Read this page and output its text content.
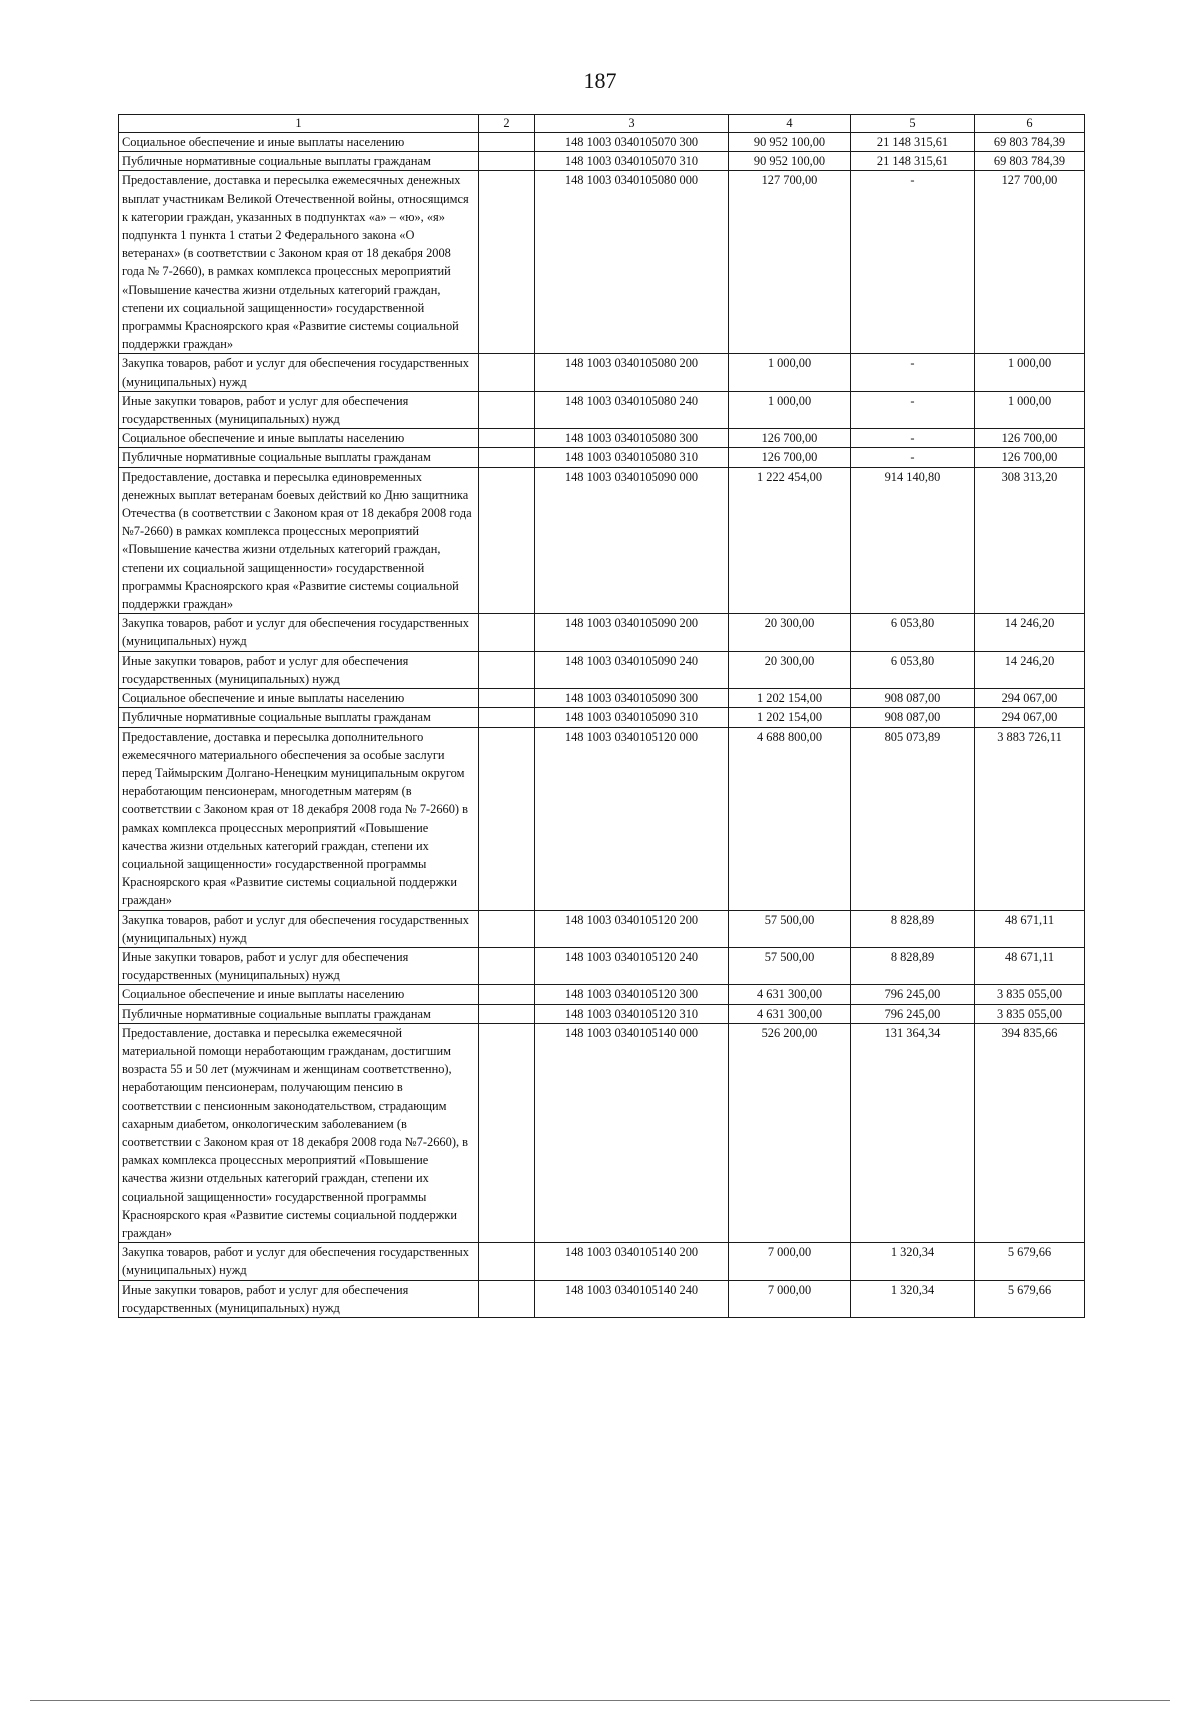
187
1	2	3	4	5	6
Социальное обеспечение и иные выплаты населению		148 1003 0340105070 300	90 952 100,00	21 148 315,61	69 803 784,39
Публичные нормативные социальные выплаты гражданам		148 1003 0340105070 310	90 952 100,00	21 148 315,61	69 803 784,39
Предоставление, доставка и пересылка ежемесячных денежных выплат участникам Великой Отечественной войны, относящимся к категории граждан, указанных в подпунктах «а» – «ю», «я» подпункта 1 пункта 1 статьи 2 Федерального закона «О ветеранах» (в соответствии с Законом края от 18 декабря 2008 года № 7-2660), в рамках комплекса процессных мероприятий «Повышение качества жизни отдельных категорий граждан, степени их социальной защищенности» государственной программы Красноярского края «Развитие системы социальной поддержки граждан»		148 1003 0340105080 000	127 700,00	-	127 700,00
Закупка товаров, работ и услуг для обеспечения государственных (муниципальных) нужд		148 1003 0340105080 200	1 000,00	-	1 000,00
Иные закупки товаров, работ и услуг для обеспечения государственных (муниципальных) нужд		148 1003 0340105080 240	1 000,00	-	1 000,00
Социальное обеспечение и иные выплаты населению		148 1003 0340105080 300	126 700,00	-	126 700,00
Публичные нормативные социальные выплаты гражданам		148 1003 0340105080 310	126 700,00	-	126 700,00
Предоставление, доставка и пересылка единовременных денежных выплат ветеранам боевых действий ко Дню защитника Отечества (в соответствии с Законом края от 18 декабря 2008 года №7-2660) в рамках комплекса процессных мероприятий «Повышение качества жизни отдельных категорий граждан, степени их социальной защищенности» государственной программы Красноярского края «Развитие системы социальной поддержки граждан»		148 1003 0340105090 000	1 222 454,00	914 140,80	308 313,20
Закупка товаров, работ и услуг для обеспечения государственных (муниципальных) нужд		148 1003 0340105090 200	20 300,00	6 053,80	14 246,20
Иные закупки товаров, работ и услуг для обеспечения государственных (муниципальных) нужд		148 1003 0340105090 240	20 300,00	6 053,80	14 246,20
Социальное обеспечение и иные выплаты населению		148 1003 0340105090 300	1 202 154,00	908 087,00	294 067,00
Публичные нормативные социальные выплаты гражданам		148 1003 0340105090 310	1 202 154,00	908 087,00	294 067,00
Предоставление, доставка и пересылка дополнительного ежемесячного материального обеспечения за особые заслуги перед Таймырским Долгано-Ненецким муниципальным округом неработающим пенсионерам, многодетным матерям (в соответствии с Законом края от 18 декабря 2008 года № 7-2660) в рамках комплекса процессных мероприятий «Повышение качества жизни отдельных категорий граждан, степени их социальной защищенности» государственной программы Красноярского края «Развитие системы социальной поддержки граждан»		148 1003 0340105120 000	4 688 800,00	805 073,89	3 883 726,11
Закупка товаров, работ и услуг для обеспечения государственных (муниципальных) нужд		148 1003 0340105120 200	57 500,00	8 828,89	48 671,11
Иные закупки товаров, работ и услуг для обеспечения государственных (муниципальных) нужд		148 1003 0340105120 240	57 500,00	8 828,89	48 671,11
Социальное обеспечение и иные выплаты населению		148 1003 0340105120 300	4 631 300,00	796 245,00	3 835 055,00
Публичные нормативные социальные выплаты гражданам		148 1003 0340105120 310	4 631 300,00	796 245,00	3 835 055,00
Предоставление, доставка и пересылка ежемесячной материальной помощи неработающим гражданам, достигшим возраста 55 и 50 лет (мужчинам и женщинам соответственно), неработающим пенсионерам, получающим пенсию в соответствии с пенсионным законодательством, страдающим сахарным диабетом, онкологическим заболеванием (в соответствии с Законом края от 18 декабря 2008 года №7-2660), в рамках комплекса процессных мероприятий «Повышение качества жизни отдельных категорий граждан, степени их социальной защищенности» государственной программы Красноярского края «Развитие системы социальной поддержки граждан»		148 1003 0340105140 000	526 200,00	131 364,34	394 835,66
Закупка товаров, работ и услуг для обеспечения государственных (муниципальных) нужд		148 1003 0340105140 200	7 000,00	1 320,34	5 679,66
Иные закупки товаров, работ и услуг для обеспечения государственных (муниципальных) нужд		148 1003 0340105140 240	7 000,00	1 320,34	5 679,66
